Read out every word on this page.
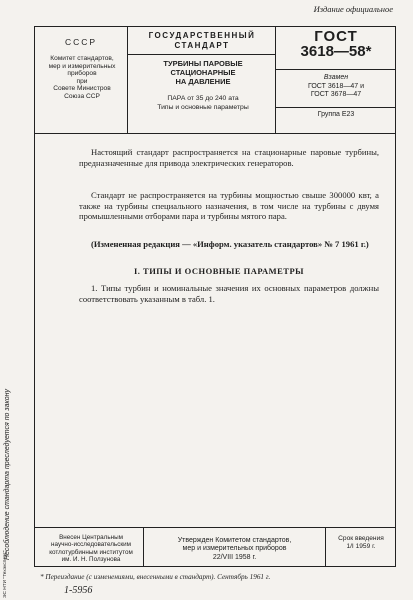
Издание официальное
Несоблюдение стандарта преследуется по закону
ЭС НТИ "Техэксперт"
СССР
Комитет стандартов,
мер и измерительных
приборов
при
Совете Министров
Союза ССР
ГОСУДАРСТВЕННЫЙ
СТАНДАРТ
ТУРБИНЫ ПАРОВЫЕ
СТАЦИОНАРНЫЕ
НА ДАВЛЕНИЕ
ПАРА от 35 до 240 ата
Типы и основные параметры
ГОСТ
3618—58*
Взамен
ГОСТ 3618—47 и
ГОСТ 3678—47
Группа Е23
Настоящий стандарт распространяется на стационарные паровые турбины, предназначенные для привода электрических генераторов.
Стандарт не распространяется на турбины мощностью свыше 300000 квт, а также на турбины специального назначения, в том числе на турбины с двумя промышленными отборами пара и турбины мятого пара.
(Измененная редакция — «Информ. указатель стандартов» № 7 1961 г.)
I. ТИПЫ И ОСНОВНЫЕ ПАРАМЕТРЫ
1. Типы турбин и номинальные значения их основных параметров должны соответствовать указанным в табл. 1.
Внесен Центральным
научно-исследовательским
котлотурбинным институтом
им. И. Н. Ползунова
Утвержден Комитетом стандартов,
мер и измерительных приборов
22/VIII 1958 г.
Срок введения
1/I 1959 г.
* Переиздание (с изменениями, внесенными в стандарт). Сентябрь 1961 г.
1-5956
